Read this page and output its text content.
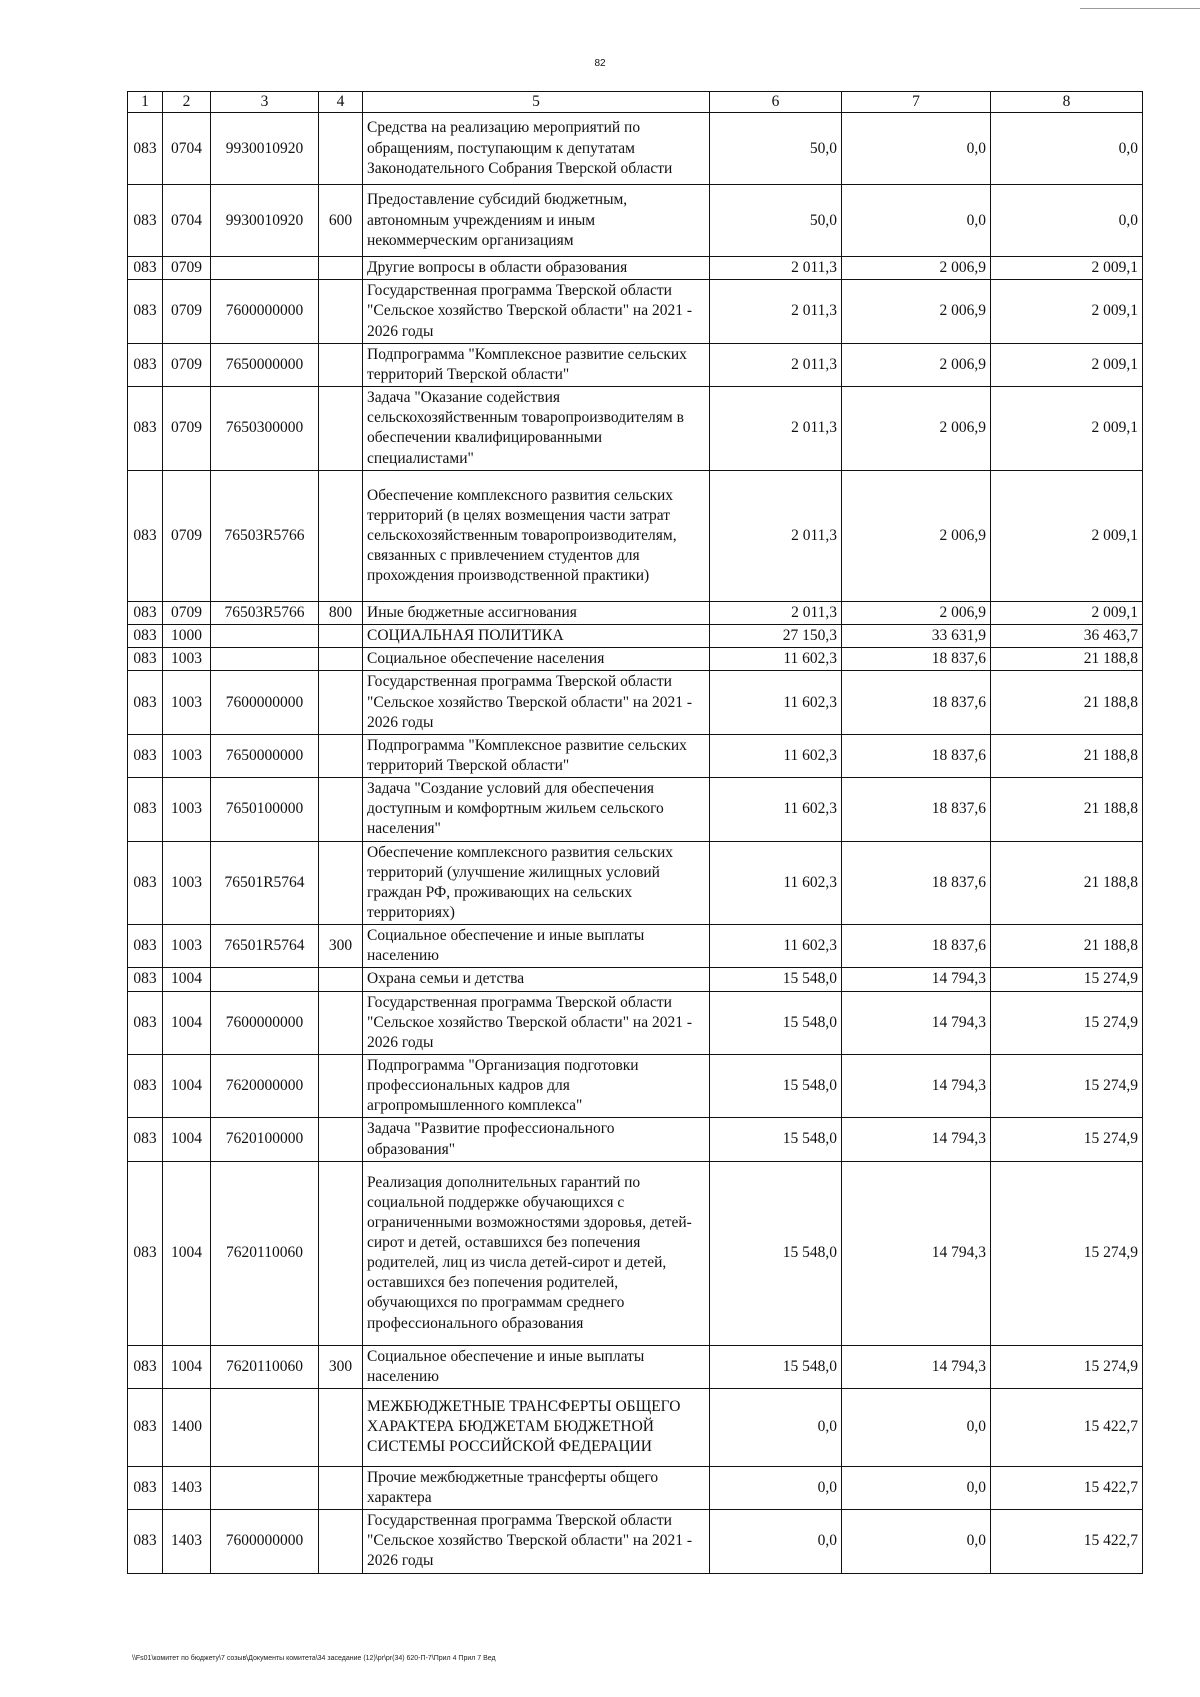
82
1	2	3	4	5	6	7	8
083	0704	9930010920		Средства на реализацию мероприятий по обращениям, поступающим к депутатам Законодательного Собрания Тверской области	50,0	0,0	0,0
083	0704	9930010920	600	Предоставление субсидий бюджетным, автономным учреждениям и иным некоммерческим организациям	50,0	0,0	0,0
083	0709			Другие вопросы в области образования	2 011,3	2 006,9	2 009,1
083	0709	7600000000		Государственная программа Тверской области "Сельское хозяйство Тверской области" на 2021 - 2026 годы	2 011,3	2 006,9	2 009,1
083	0709	7650000000		Подпрограмма "Комплексное развитие сельских территорий Тверской области"	2 011,3	2 006,9	2 009,1
083	0709	7650300000		Задача "Оказание содействия сельскохозяйственным товаропроизводителям в обеспечении квалифицированными специалистами"	2 011,3	2 006,9	2 009,1
083	0709	76503R5766		Обеспечение комплексного развития сельских территорий (в целях возмещения части затрат сельскохозяйственным товаропроизводителям, связанных с привлечением студентов для прохождения производственной практики)	2 011,3	2 006,9	2 009,1
083	0709	76503R5766	800	Иные бюджетные ассигнования	2 011,3	2 006,9	2 009,1
083	1000			СОЦИАЛЬНАЯ ПОЛИТИКА	27 150,3	33 631,9	36 463,7
083	1003			Социальное обеспечение населения	11 602,3	18 837,6	21 188,8
083	1003	7600000000		Государственная программа Тверской области "Сельское хозяйство Тверской области" на 2021 - 2026 годы	11 602,3	18 837,6	21 188,8
083	1003	7650000000		Подпрограмма "Комплексное развитие сельских территорий Тверской области"	11 602,3	18 837,6	21 188,8
083	1003	7650100000		Задача "Создание условий для обеспечения доступным и комфортным жильем сельского населения"	11 602,3	18 837,6	21 188,8
083	1003	76501R5764		Обеспечение комплексного развития сельских территорий (улучшение жилищных условий граждан РФ, проживающих на сельских территориях)	11 602,3	18 837,6	21 188,8
083	1003	76501R5764	300	Социальное обеспечение и иные выплаты населению	11 602,3	18 837,6	21 188,8
083	1004			Охрана семьи и детства	15 548,0	14 794,3	15 274,9
083	1004	7600000000		Государственная программа Тверской области "Сельское хозяйство Тверской области" на 2021 - 2026 годы	15 548,0	14 794,3	15 274,9
083	1004	7620000000		Подпрограмма "Организация подготовки профессиональных кадров для агропромышленного комплекса"	15 548,0	14 794,3	15 274,9
083	1004	7620100000		Задача "Развитие профессионального образования"	15 548,0	14 794,3	15 274,9
083	1004	7620110060		Реализация дополнительных гарантий по социальной поддержке обучающихся с ограниченными возможностями здоровья, детей-сирот и детей, оставшихся без попечения родителей, лиц из числа детей-сирот и детей, оставшихся без попечения родителей, обучающихся по программам среднего профессионального образования	15 548,0	14 794,3	15 274,9
083	1004	7620110060	300	Социальное обеспечение и иные выплаты населению	15 548,0	14 794,3	15 274,9
083	1400			МЕЖБЮДЖЕТНЫЕ ТРАНСФЕРТЫ ОБЩЕГО ХАРАКТЕРА БЮДЖЕТАМ БЮДЖЕТНОЙ СИСТЕМЫ РОССИЙСКОЙ ФЕДЕРАЦИИ	0,0	0,0	15 422,7
083	1403			Прочие межбюджетные трансферты общего характера	0,0	0,0	15 422,7
083	1403	7600000000		Государственная программа Тверской области "Сельское хозяйство Тверской области" на 2021 - 2026 годы	0,0	0,0	15 422,7
\\Fs01\комитет по бюджету\7 созыв\Документы комитета\34 заседание (12)\pr\pr(34) 620-П-7\Прил 4 Прил 7 Вед
